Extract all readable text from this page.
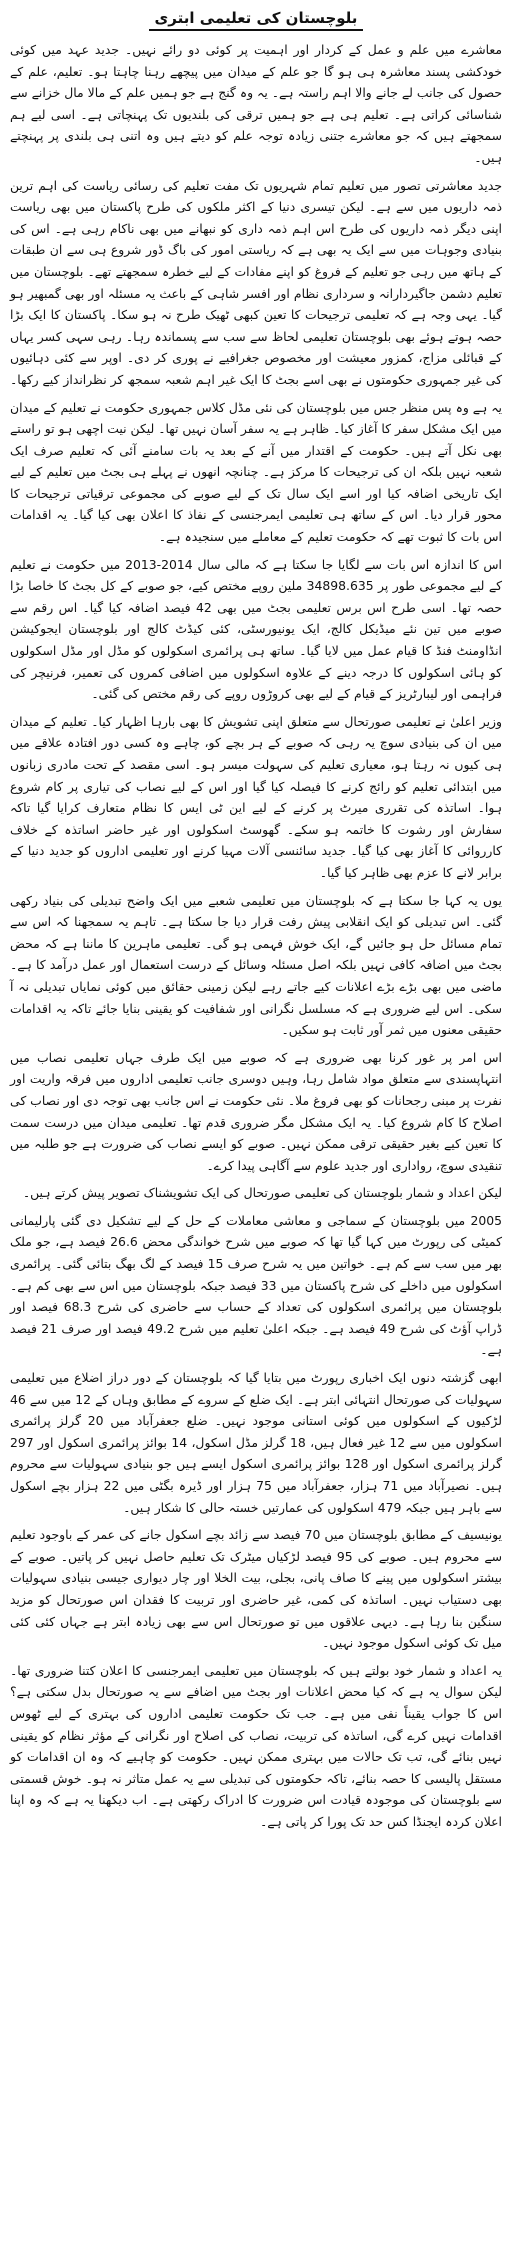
بلوچستان کی تعلیمی ابتری

معاشرے میں علم و عمل کے کردار اور اہمیت پر کوئی دو رائے نہیں۔ جدید عہد میں کوئی خودکشی پسند معاشرہ ہی ہو گا جو علم کے میدان میں پیچھے رہنا چاہتا ہو۔ تعلیم، علم کے حصول کی جانب لے جانے والا اہم راستہ ہے۔ یہ وہ گنج ہے جو ہمیں علم کے مالا مال خزانے سے شناسائی کراتی ہے۔ تعلیم ہی ہے جو ہمیں ترقی کی بلندیوں تک پہنچاتی ہے۔ اسی لیے ہم سمجھتے ہیں کہ جو معاشرے جتنی زیادہ توجہ علم کو دیتے ہیں وہ اتنی ہی بلندی پر پہنچتے ہیں۔

جدید معاشرتی تصور میں تعلیم تمام شہریوں تک مفت تعلیم کی رسائی ریاست کی اہم ترین ذمہ داریوں میں سے ہے۔ لیکن تیسری دنیا کے اکثر ملکوں کی طرح پاکستان میں بھی ریاست اپنی دیگر ذمہ داریوں کی طرح اس اہم ذمہ داری کو نبھانے میں بھی ناکام رہی ہے۔ اس کی بنیادی وجوہات میں سے ایک یہ بھی ہے کہ ریاستی امور کی باگ ڈور شروع ہی سے ان طبقات کے ہاتھ میں رہی جو تعلیم کے فروغ کو اپنے مفادات کے لیے خطرہ سمجھتے تھے۔ بلوچستان میں تعلیم دشمن جاگیردارانہ و سرداری نظام اور افسر شاہی کے باعث یہ مسئلہ اور بھی گمبھیر ہو گیا۔ یہی وجہ ہے کہ تعلیمی ترجیحات کا تعین کبھی ٹھیک طرح نہ ہو سکا۔ پاکستان کا ایک بڑا حصہ ہوتے ہوئے بھی بلوچستان تعلیمی لحاظ سے سب سے پسماندہ رہا۔ رہی سہی کسر یہاں کے قبائلی مزاج، کمزور معیشت اور مخصوص جغرافیے نے پوری کر دی۔ اوپر سے کئی دہائیوں کی غیر جمہوری حکومتوں نے بھی اسے بجٹ کا ایک غیر اہم شعبہ سمجھ کر نظرانداز کیے رکھا۔

یہ ہے وہ پس منظر جس میں بلوچستان کی نئی مڈل کلاس جمہوری حکومت نے تعلیم کے میدان میں ایک مشکل سفر کا آغاز کیا۔ ظاہر ہے یہ سفر آسان نہیں تھا۔ لیکن نیت اچھی ہو تو راستے بھی نکل آتے ہیں۔ حکومت کے اقتدار میں آنے کے بعد یہ بات سامنے آئی کہ تعلیم صرف ایک شعبہ نہیں بلکہ ان کی ترجیحات کا مرکز ہے۔ چنانچہ انھوں نے پہلے ہی بجٹ میں تعلیم کے لیے ایک تاریخی اضافہ کیا اور اسے ایک سال تک کے لیے صوبے کی مجموعی ترقیاتی ترجیحات کا محور قرار دیا۔ اس کے ساتھ ہی تعلیمی ایمرجنسی کے نفاذ کا اعلان بھی کیا گیا۔ یہ اقدامات اس بات کا ثبوت تھے کہ حکومت تعلیم کے معاملے میں سنجیدہ ہے۔

اس کا اندازہ اس بات سے لگایا جا سکتا ہے کہ مالی سال 2014-2013 میں حکومت نے تعلیم کے لیے مجموعی طور پر 34898.635 ملین روپے مختص کیے، جو صوبے کے کل بجٹ کا خاصا بڑا حصہ تھا۔ اسی طرح اس برس تعلیمی بجٹ میں بھی 42 فیصد اضافہ کیا گیا۔ اس رقم سے صوبے میں تین نئے میڈیکل کالج، ایک یونیورسٹی، کئی کیڈٹ کالج اور بلوچستان ایجوکیشن انڈاومنٹ فنڈ کا قیام عمل میں لایا گیا۔ ساتھ ہی پرائمری اسکولوں کو مڈل اور مڈل اسکولوں کو ہائی اسکولوں کا درجہ دینے کے علاوہ اسکولوں میں اضافی کمروں کی تعمیر، فرنیچر کی فراہمی اور لیبارٹریز کے قیام کے لیے بھی کروڑوں روپے کی رقم مختص کی گئی۔

وزیر اعلیٰ نے تعلیمی صورتحال سے متعلق اپنی تشویش کا بھی بارہا اظہار کیا۔ تعلیم کے میدان میں ان کی بنیادی سوچ یہ رہی کہ صوبے کے ہر بچے کو، چاہے وہ کسی دور افتادہ علاقے میں ہی کیوں نہ رہتا ہو، معیاری تعلیم کی سہولت میسر ہو۔ اسی مقصد کے تحت مادری زبانوں میں ابتدائی تعلیم کو رائج کرنے کا فیصلہ کیا گیا اور اس کے لیے نصاب کی تیاری پر کام شروع ہوا۔ اساتذہ کی تقرری میرٹ پر کرنے کے لیے این ٹی ایس کا نظام متعارف کرایا گیا تاکہ سفارش اور رشوت کا خاتمہ ہو سکے۔ گھوسٹ اسکولوں اور غیر حاضر اساتذہ کے خلاف کارروائی کا آغاز بھی کیا گیا۔ جدید سائنسی آلات مہیا کرنے اور تعلیمی اداروں کو جدید دنیا کے برابر لانے کا عزم بھی ظاہر کیا گیا۔

یوں یہ کہا جا سکتا ہے کہ بلوچستان میں تعلیمی شعبے میں ایک واضح تبدیلی کی بنیاد رکھی گئی۔ اس تبدیلی کو ایک انقلابی پیش رفت قرار دیا جا سکتا ہے۔ تاہم یہ سمجھنا کہ اس سے تمام مسائل حل ہو جائیں گے، ایک خوش فہمی ہو گی۔ تعلیمی ماہرین کا ماننا ہے کہ محض بجٹ میں اضافہ کافی نہیں بلکہ اصل مسئلہ وسائل کے درست استعمال اور عمل درآمد کا ہے۔ ماضی میں بھی بڑے بڑے اعلانات کیے جاتے رہے لیکن زمینی حقائق میں کوئی نمایاں تبدیلی نہ آ سکی۔ اس لیے ضروری ہے کہ مسلسل نگرانی اور شفافیت کو یقینی بنایا جائے تاکہ یہ اقدامات حقیقی معنوں میں ثمر آور ثابت ہو سکیں۔

اس امر پر غور کرنا بھی ضروری ہے کہ صوبے میں ایک طرف جہاں تعلیمی نصاب میں انتہاپسندی سے متعلق مواد شامل رہا، وہیں دوسری جانب تعلیمی اداروں میں فرقہ واریت اور نفرت پر مبنی رجحانات کو بھی فروغ ملا۔ نئی حکومت نے اس جانب بھی توجہ دی اور نصاب کی اصلاح کا کام شروع کیا۔ یہ ایک مشکل مگر ضروری قدم تھا۔ تعلیمی میدان میں درست سمت کا تعین کیے بغیر حقیقی ترقی ممکن نہیں۔ صوبے کو ایسے نصاب کی ضرورت ہے جو طلبہ میں تنقیدی سوچ، رواداری اور جدید علوم سے آگاہی پیدا کرے۔

لیکن اعداد و شمار بلوچستان کی تعلیمی صورتحال کی ایک تشویشناک تصویر پیش کرتے ہیں۔

2005 میں بلوچستان کے سماجی و معاشی معاملات کے حل کے لیے تشکیل دی گئی پارلیمانی کمیٹی کی رپورٹ میں کہا گیا تھا کہ صوبے میں شرح خواندگی محض 26.6 فیصد ہے، جو ملک بھر میں سب سے کم ہے۔ خواتین میں یہ شرح صرف 15 فیصد کے لگ بھگ بتائی گئی۔ پرائمری اسکولوں میں داخلے کی شرح پاکستان میں 33 فیصد جبکہ بلوچستان میں اس سے بھی کم ہے۔ بلوچستان میں پرائمری اسکولوں کی تعداد کے حساب سے حاضری کی شرح 68.3 فیصد اور ڈراپ آؤٹ کی شرح 49 فیصد ہے۔ جبکہ اعلیٰ تعلیم میں شرح 49.2 فیصد اور صرف 21 فیصد ہے۔

ابھی گزشتہ دنوں ایک اخباری رپورٹ میں بتایا گیا کہ بلوچستان کے دور دراز اضلاع میں تعلیمی سہولیات کی صورتحال انتہائی ابتر ہے۔ ایک ضلع کے سروے کے مطابق وہاں کے 12 میں سے 46 لڑکیوں کے اسکولوں میں کوئی استانی موجود نہیں۔ ضلع جعفرآباد میں 20 گرلز پرائمری اسکولوں میں سے 12 غیر فعال ہیں، 18 گرلز مڈل اسکول، 14 بوائز پرائمری اسکول اور 297 گرلز پرائمری اسکول اور 128 بوائز پرائمری اسکول ایسے ہیں جو بنیادی سہولیات سے محروم ہیں۔ نصیرآباد میں 71 ہزار، جعفرآباد میں 75 ہزار اور ڈیرہ بگٹی میں 22 ہزار بچے اسکول سے باہر ہیں جبکہ 479 اسکولوں کی عمارتیں خستہ حالی کا شکار ہیں۔

یونیسیف کے مطابق بلوچستان میں 70 فیصد سے زائد بچے اسکول جانے کی عمر کے باوجود تعلیم سے محروم ہیں۔ صوبے کی 95 فیصد لڑکیاں میٹرک تک تعلیم حاصل نہیں کر پاتیں۔ صوبے کے بیشتر اسکولوں میں پینے کا صاف پانی، بجلی، بیت الخلا اور چار دیواری جیسی بنیادی سہولیات بھی دستیاب نہیں۔ اساتذہ کی کمی، غیر حاضری اور تربیت کا فقدان اس صورتحال کو مزید سنگین بنا رہا ہے۔ دیہی علاقوں میں تو صورتحال اس سے بھی زیادہ ابتر ہے جہاں کئی کئی میل تک کوئی اسکول موجود نہیں۔

یہ اعداد و شمار خود بولتے ہیں کہ بلوچستان میں تعلیمی ایمرجنسی کا اعلان کتنا ضروری تھا۔ لیکن سوال یہ ہے کہ کیا محض اعلانات اور بجٹ میں اضافے سے یہ صورتحال بدل سکتی ہے؟ اس کا جواب یقیناً نفی میں ہے۔ جب تک حکومت تعلیمی اداروں کی بہتری کے لیے ٹھوس اقدامات نہیں کرے گی، اساتذہ کی تربیت، نصاب کی اصلاح اور نگرانی کے مؤثر نظام کو یقینی نہیں بنائے گی، تب تک حالات میں بہتری ممکن نہیں۔ حکومت کو چاہیے کہ وہ ان اقدامات کو مستقل پالیسی کا حصہ بنائے، تاکہ حکومتوں کی تبدیلی سے یہ عمل متاثر نہ ہو۔ خوش قسمتی سے بلوچستان کی موجودہ قیادت اس ضرورت کا ادراک رکھتی ہے۔ اب دیکھنا یہ ہے کہ وہ اپنا اعلان کردہ ایجنڈا کس حد تک پورا کر پاتی ہے۔
